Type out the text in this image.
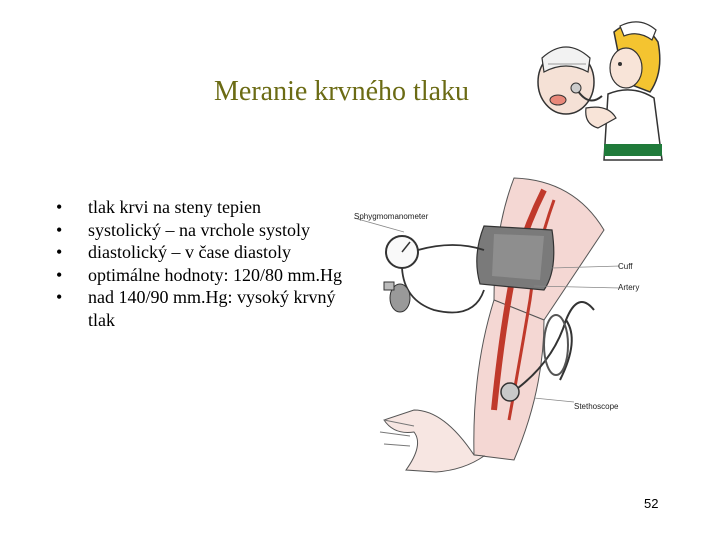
Meranie krvného tlaku
•	tlak krvi na steny tepien
•	systolický – na vrchole systoly
•	diastolický – v čase diastoly
•	optimálne hodnoty: 120/80 mm.Hg
•	nad 140/90 mm.Hg: vysoký krvný tlak
Sphygmomanometer
Cuff
Artery
Stethoscope
52
